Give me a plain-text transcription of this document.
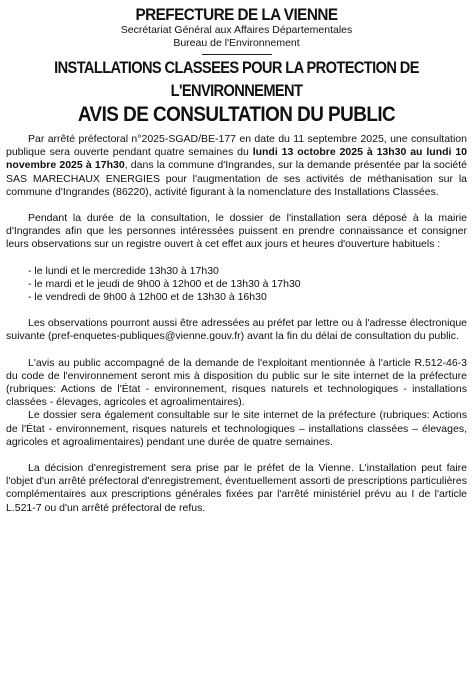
PREFECTURE DE LA VIENNE
Secrétariat Général aux Affaires Départementales
Bureau de l'Environnement
INSTALLATIONS CLASSEES POUR LA PROTECTION DE
L'ENVIRONNEMENT
AVIS DE CONSULTATION DU PUBLIC

Par arrêté préfectoral n°2025-SGAD/BE-177 en date du 11 septembre 2025, une consultation publique sera ouverte pendant quatre semaines du lundi 13 octobre 2025 à 13h30 au lundi 10 novembre 2025 à 17h30, dans la commune d'Ingrandes, sur la demande présentée par la société SAS MARECHAUX ENERGIES pour l'augmentation de ses activités de méthanisation sur la commune d'Ingrandes (86220), activité figurant à la nomenclature des Installations Classées.

Pendant la durée de la consultation, le dossier de l'installation sera déposé à la mairie d'Ingrandes afin que les personnes intéressées puissent en prendre connaissance et consigner leurs observations sur un registre ouvert à cet effet aux jours et heures d'ouverture habituels :

- le lundi et le mercredide 13h30 à 17h30

- le mardi et le jeudi de 9h00 à 12h00 et de 13h30 à 17h30

- le vendredi de 9h00 à 12h00 et de 13h30 à 16h30

Les observations pourront aussi être adressées au préfet par lettre ou à l'adresse électronique suivante (pref-enquetes-publiques@vienne.gouv.fr) avant la fin du délai de consultation du public.

L'avis au public accompagné de la demande de l'exploitant mentionnée à l'article R.512-46-3 du code de l'environnement seront mis à disposition du public sur le site internet de la préfecture (rubriques: Actions de l'État - environnement, risques naturels et technologiques - installations classées - élevages, agricoles et agroalimentaires).

Le dossier sera également consultable sur le site internet de la préfecture (rubriques: Actions de l'État - environnement, risques naturels et technologiques – installations classées – élevages, agricoles et agroalimentaires) pendant une durée de quatre semaines.

La décision d'enregistrement sera prise par le préfet de la Vienne. L'installation peut faire l'objet d'un arrêté préfectoral d'enregistrement, éventuellement assorti de prescriptions particulières complémentaires aux prescriptions générales fixées par l'arrêté ministériel prévu au I de l'article L.521-7 ou d'un arrêté préfectoral de refus.
